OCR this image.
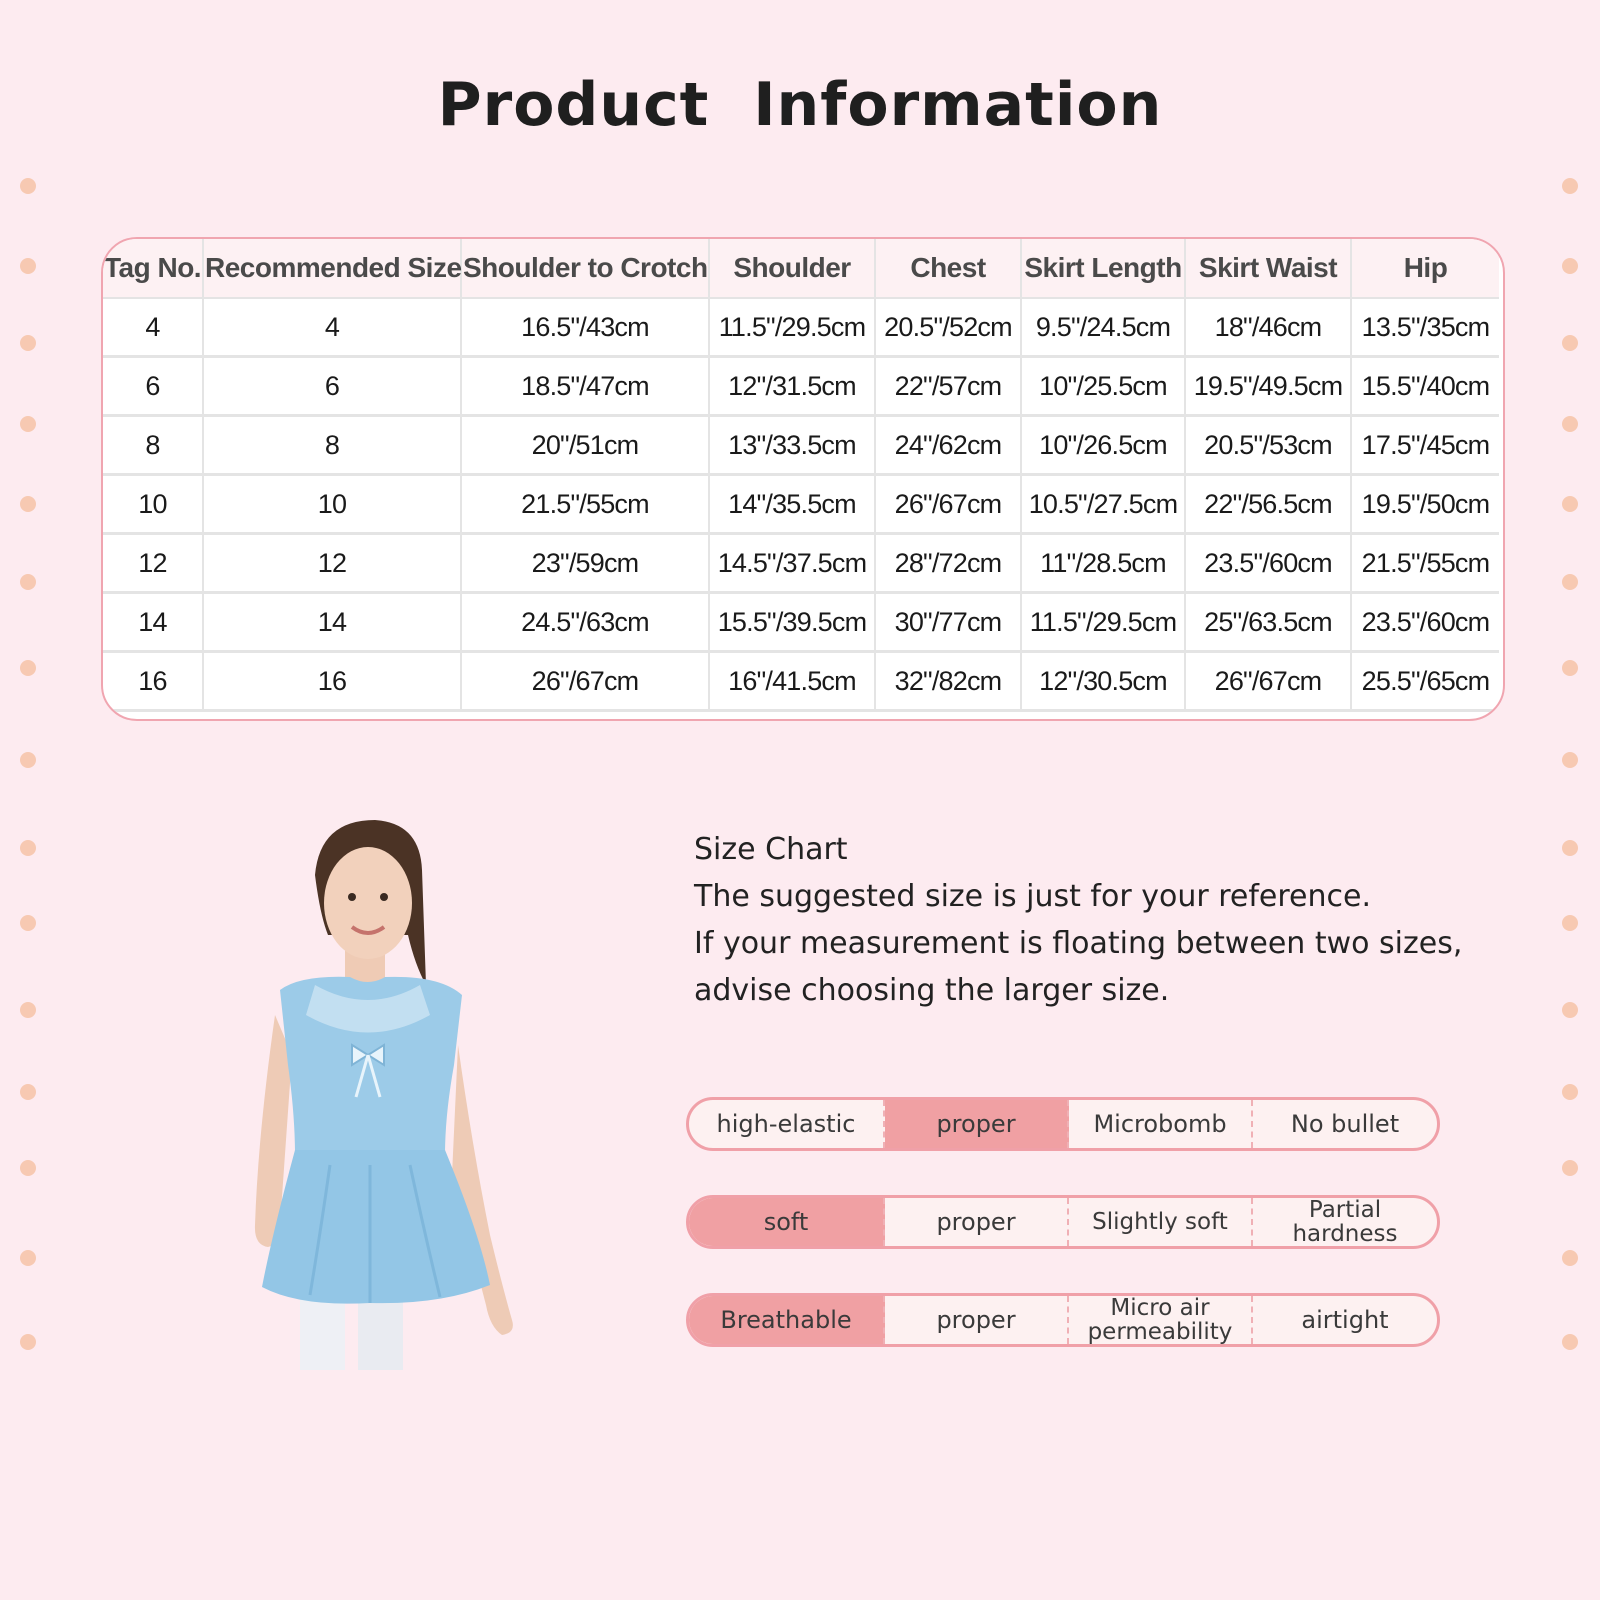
Product Information
Tag No.	Recommended Size	Shoulder to Crotch	Shoulder	Chest	Skirt Length	Skirt Waist	Hip
4	4	16.5"/43cm	11.5"/29.5cm	20.5"/52cm	9.5"/24.5cm	18"/46cm	13.5"/35cm
6	6	18.5"/47cm	12"/31.5cm	22"/57cm	10"/25.5cm	19.5"/49.5cm	15.5"/40cm
8	8	20"/51cm	13"/33.5cm	24"/62cm	10"/26.5cm	20.5"/53cm	17.5"/45cm
10	10	21.5"/55cm	14"/35.5cm	26"/67cm	10.5"/27.5cm	22"/56.5cm	19.5"/50cm
12	12	23"/59cm	14.5"/37.5cm	28"/72cm	11"/28.5cm	23.5"/60cm	21.5"/55cm
14	14	24.5"/63cm	15.5"/39.5cm	30"/77cm	11.5"/29.5cm	25"/63.5cm	23.5"/60cm
16	16	26"/67cm	16"/41.5cm	32"/82cm	12"/30.5cm	26"/67cm	25.5"/65cm
Size Chart
The suggested size is just for your reference.
If your measurement is floating between two sizes,
advise choosing the larger size.
high-elastic	proper	Microbomb	No bullet
soft	proper	Slightly soft	Partial hardness
Breathable	proper	Micro air permeability	airtight
